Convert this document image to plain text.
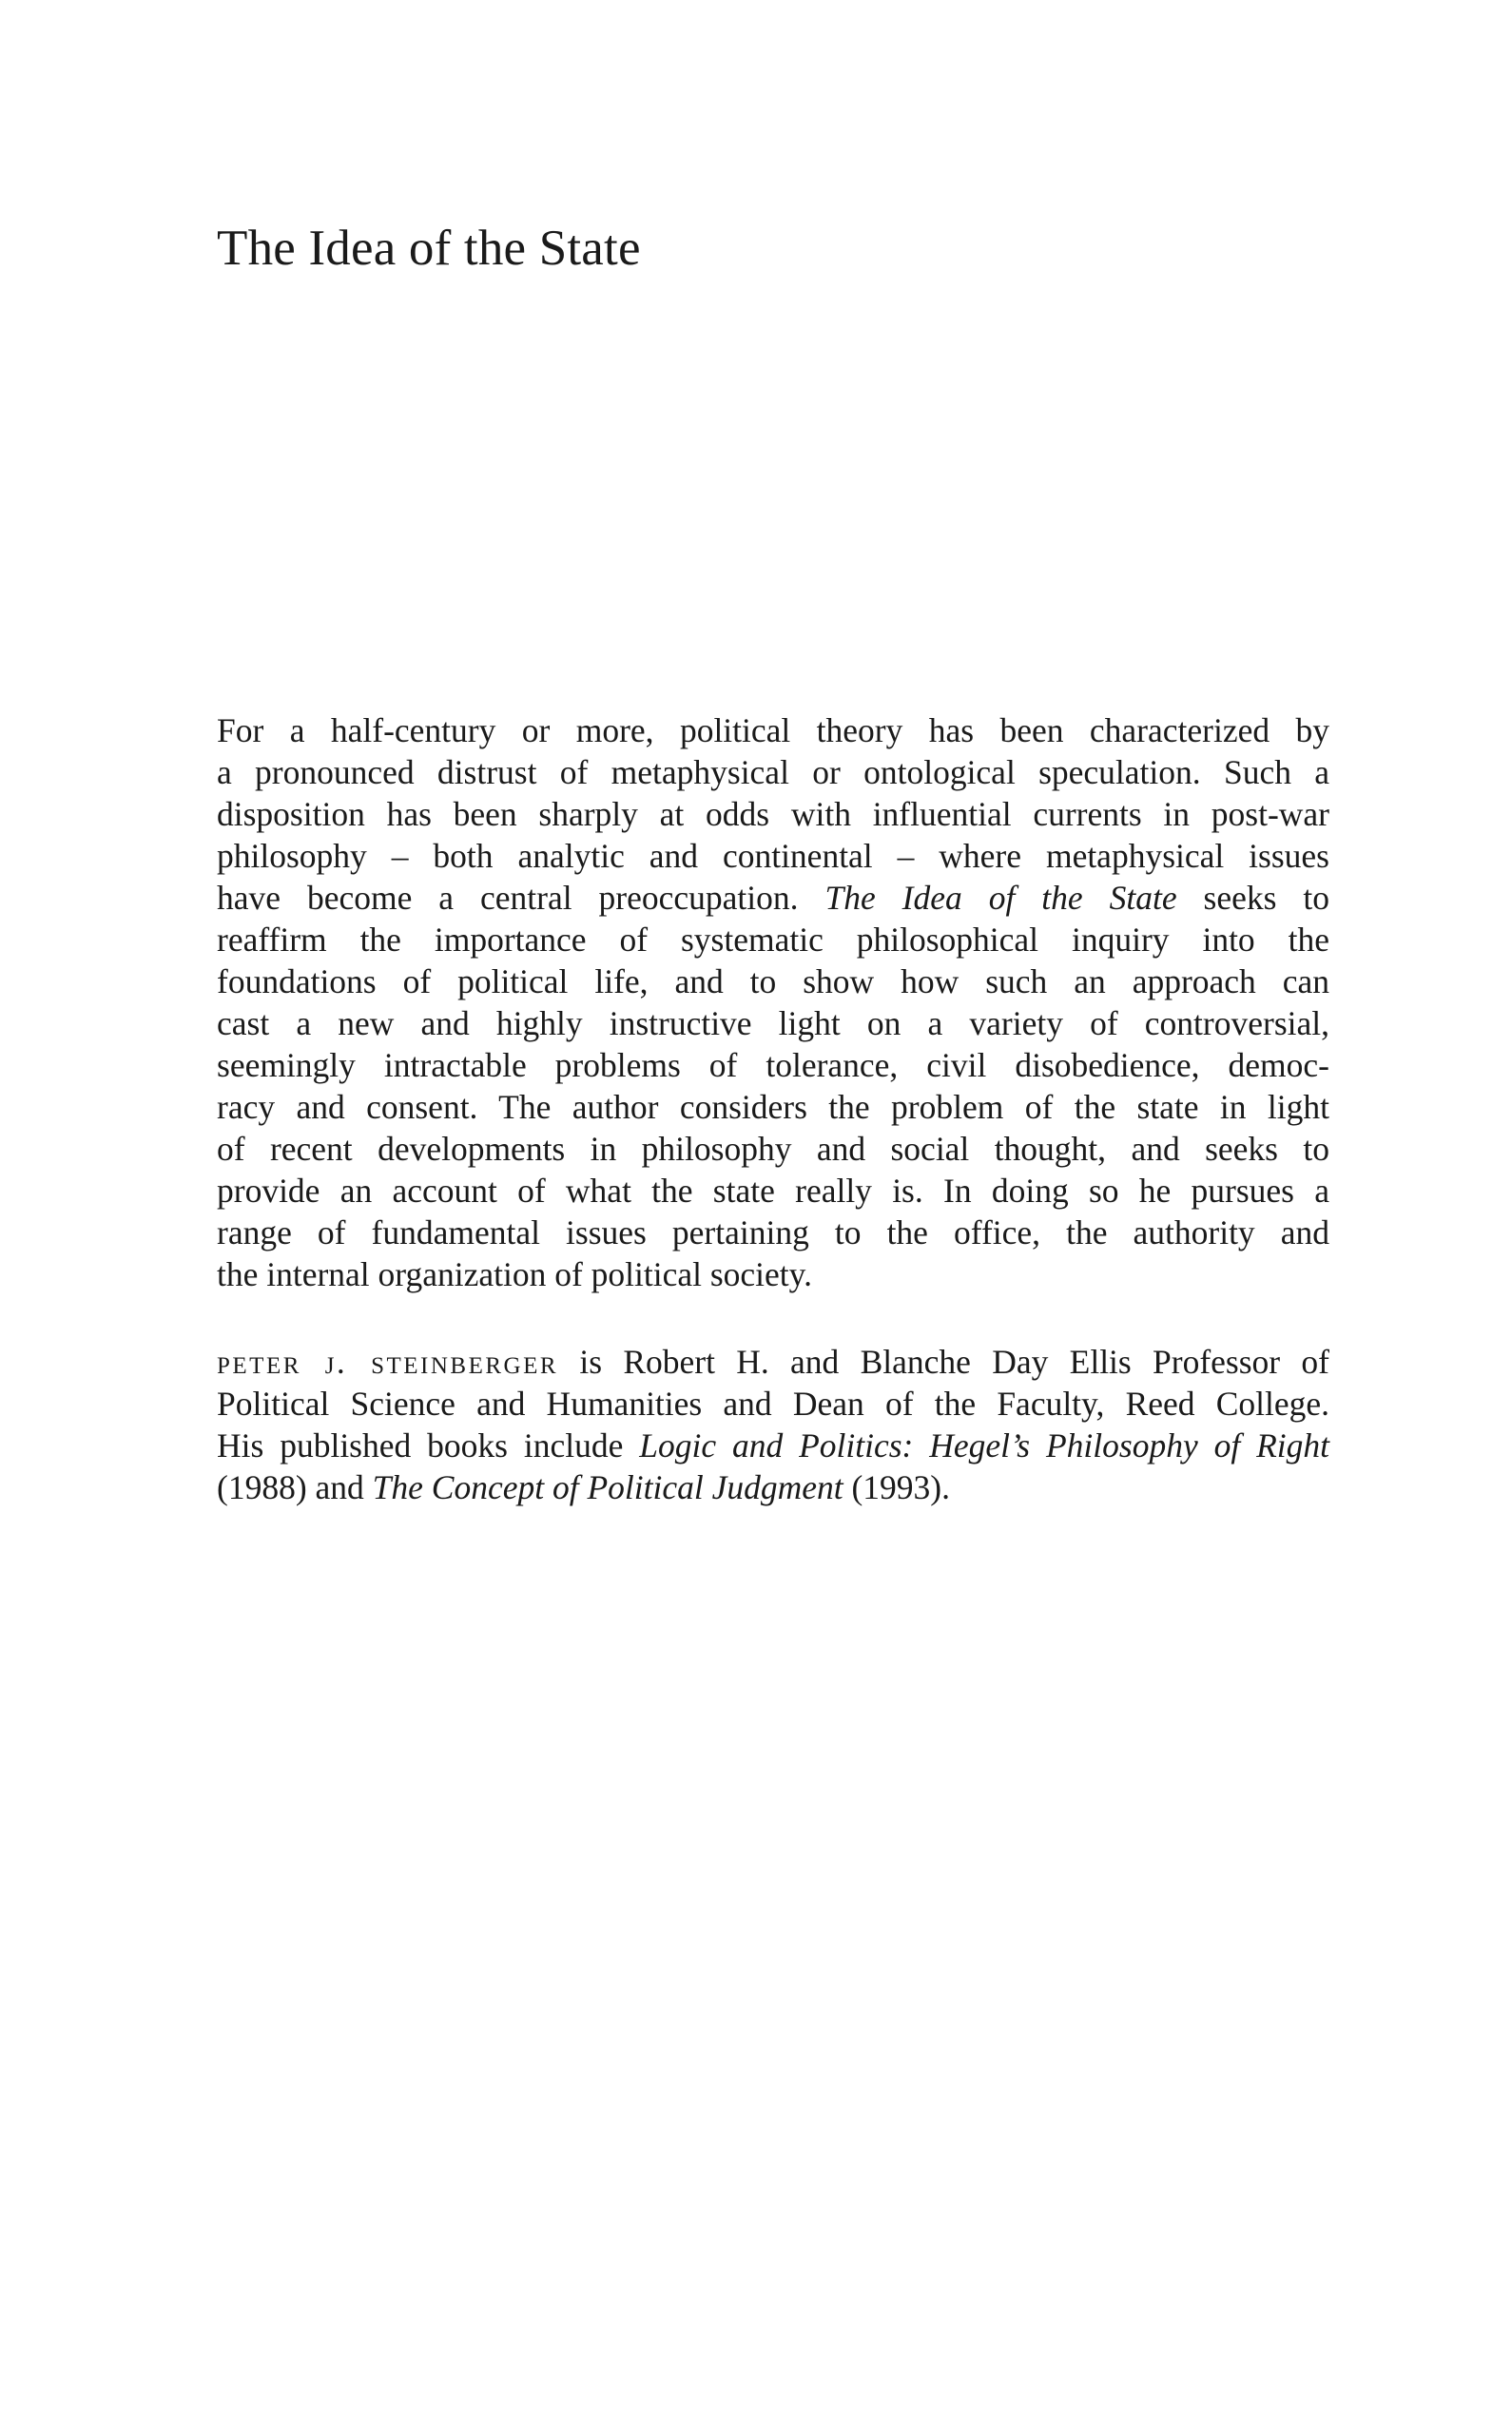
The Idea of the State
For a half-century or more, political theory has been characterized by
a pronounced distrust of metaphysical or ontological speculation. Such a
disposition has been sharply at odds with influential currents in post-war
philosophy – both analytic and continental – where metaphysical issues
have become a central preoccupation. The Idea of the State seeks to
reaffirm the importance of systematic philosophical inquiry into the
foundations of political life, and to show how such an approach can
cast a new and highly instructive light on a variety of controversial,
seemingly intractable problems of tolerance, civil disobedience, democ-
racy and consent. The author considers the problem of the state in light
of recent developments in philosophy and social thought, and seeks to
provide an account of what the state really is. In doing so he pursues a
range of fundamental issues pertaining to the office, the authority and
the internal organization of political society.
peter j. steinberger is Robert H. and Blanche Day Ellis Professor of
Political Science and Humanities and Dean of the Faculty, Reed College.
His published books include Logic and Politics: Hegel’s Philosophy of Right
(1988) and The Concept of Political Judgment (1993).
